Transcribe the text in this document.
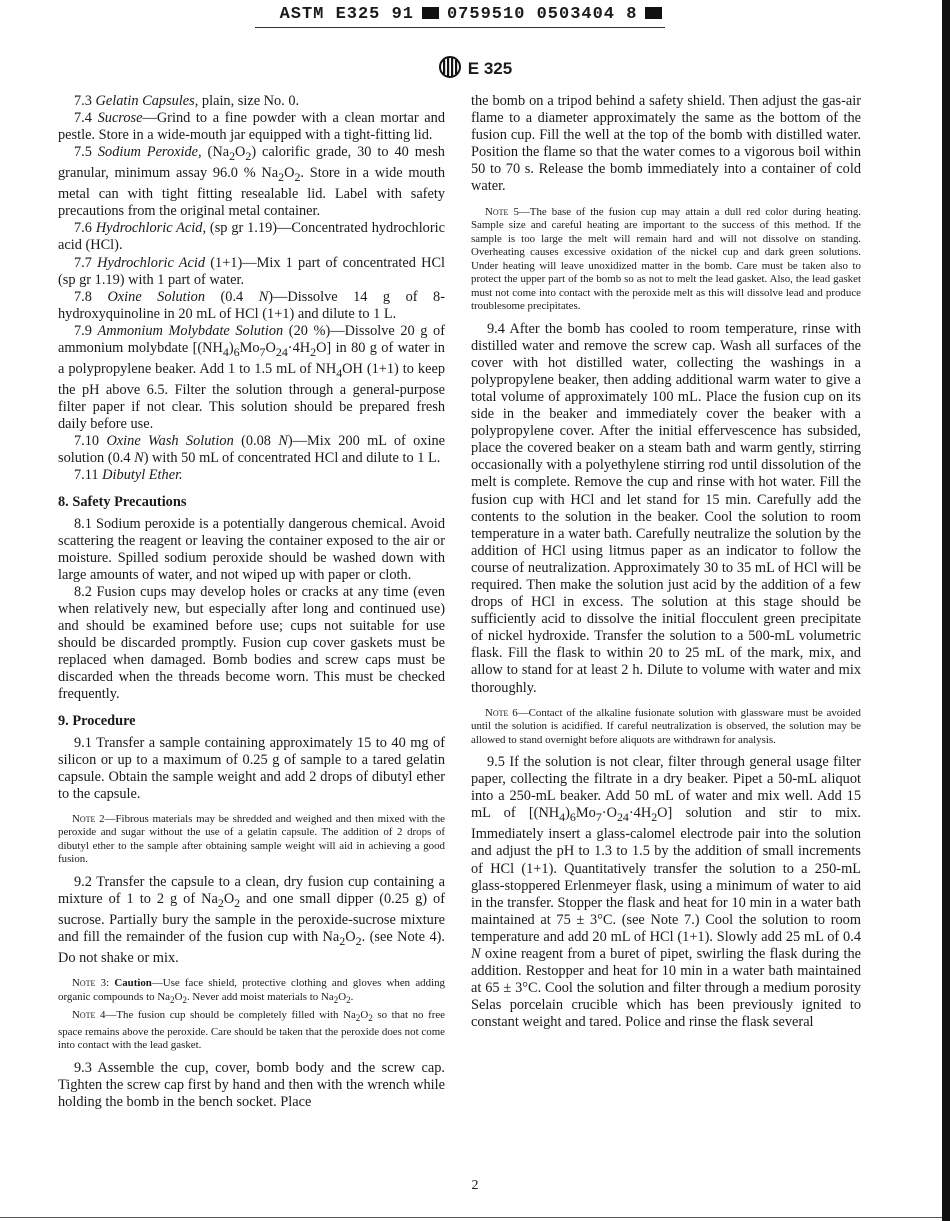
ASTM E325 91 0759510 0503404 8
E 325

7.3 Gelatin Capsules, plain, size No. 0.

7.4 Sucrose—Grind to a fine powder with a clean mortar and pestle. Store in a wide-mouth jar equipped with a tight-fitting lid.

7.5 Sodium Peroxide, $(Na_2O_2)$ calorific grade, 30 to 40 mesh granular, minimum assay 96.0 % $Na_2O_2$. Store in a wide mouth metal can with tight fitting resealable lid. Label with safety precautions from the original metal container.

7.6 Hydrochloric Acid, (sp gr 1.19)—Concentrated hydrochloric acid (HCl).

7.7 Hydrochloric Acid (1+1)—Mix 1 part of concentrated HCl (sp gr 1.19) with 1 part of water.

7.8 Oxine Solution (0.4 N)—Dissolve 14 g of 8-hydroxyquinoline in 20 mL of HCl (1+1) and dilute to 1 L.

7.9 Ammonium Molybdate Solution (20 %)—Dissolve 20 g of ammonium molybdate $[(NH_4)_6Mo_7O_{24}\cdot 4H_2O]$ in 80 g of water in a polypropylene beaker. Add 1 to 1.5 mL of $NH_4OH$ (1+1) to keep the pH above 6.5. Filter the solution through a general-purpose filter paper if not clear. This solution should be prepared fresh daily before use.

7.10 Oxine Wash Solution (0.08 N)—Mix 200 mL of oxine solution (0.4 N) with 50 mL of concentrated HCl and dilute to 1 L.

7.11 Dibutyl Ether.

8. Safety Precautions

8.1 Sodium peroxide is a potentially dangerous chemical. Avoid scattering the reagent or leaving the container exposed to the air or moisture. Spilled sodium peroxide should be washed down with large amounts of water, and not wiped up with paper or cloth.

8.2 Fusion cups may develop holes or cracks at any time (even when relatively new, but especially after long and continued use) and should be examined before use; cups not suitable for use should be discarded promptly. Fusion cup cover gaskets must be replaced when damaged. Bomb bodies and screw caps must be discarded when the threads become worn. This must be checked frequently.

9. Procedure

9.1 Transfer a sample containing approximately 15 to 40 mg of silicon or up to a maximum of 0.25 g of sample to a tared gelatin capsule. Obtain the sample weight and add 2 drops of dibutyl ether to the capsule.

Note 2—Fibrous materials may be shredded and weighed and then mixed with the peroxide and sugar without the use of a gelatin capsule. The addition of 2 drops of dibutyl ether to the sample after obtaining sample weight will aid in achieving a good fusion.

9.2 Transfer the capsule to a clean, dry fusion cup containing a mixture of 1 to 2 g of $Na_2O_2$ and one small dipper (0.25 g) of sucrose. Partially bury the sample in the peroxide-sucrose mixture and fill the remainder of the fusion cup with $Na_2O_2$. (see Note 4). Do not shake or mix.

Note 3: Caution—Use face shield, protective clothing and gloves when adding organic compounds to $Na_2O_2$. Never add moist materials to $Na_2O_2$.

Note 4—The fusion cup should be completely filled with $Na_2O_2$ so that no free space remains above the peroxide. Care should be taken that the peroxide does not come into contact with the lead gasket.

9.3 Assemble the cup, cover, bomb body and the screw cap. Tighten the screw cap first by hand and then with the wrench while holding the bomb in the bench socket. Place

the bomb on a tripod behind a safety shield. Then adjust the gas-air flame to a diameter approximately the same as the bottom of the fusion cup. Fill the well at the top of the bomb with distilled water. Position the flame so that the water comes to a vigorous boil within 50 to 70 s. Release the bomb immediately into a container of cold water.

Note 5—The base of the fusion cup may attain a dull red color during heating. Sample size and careful heating are important to the success of this method. If the sample is too large the melt will remain hard and will not dissolve on standing. Overheating causes excessive oxidation of the nickel cup and dark green solutions. Under heating will leave unoxidized matter in the bomb. Care must be taken also to protect the upper part of the bomb so as not to melt the lead gasket. Also, the lead gasket must not come into contact with the peroxide melt as this will dissolve lead and produce troublesome precipitates.

9.4 After the bomb has cooled to room temperature, rinse with distilled water and remove the screw cap. Wash all surfaces of the cover with hot distilled water, collecting the washings in a polypropylene beaker, then adding additional warm water to give a total volume of approximately 100 mL. Place the fusion cup on its side in the beaker and immediately cover the beaker with a polypropylene cover. After the initial effervescence has subsided, place the covered beaker on a steam bath and warm gently, stirring occasionally with a polyethylene stirring rod until dissolution of the melt is complete. Remove the cup and rinse with hot water. Fill the fusion cup with HCl and let stand for 15 min. Carefully add the contents to the solution in the beaker. Cool the solution to room temperature in a water bath. Carefully neutralize the solution by the addition of HCl using litmus paper as an indicator to follow the course of neutralization. Approximately 30 to 35 mL of HCl will be required. Then make the solution just acid by the addition of a few drops of HCl in excess. The solution at this stage should be sufficiently acid to dissolve the initial flocculent green precipitate of nickel hydroxide. Transfer the solution to a 500-mL volumetric flask. Fill the flask to within 20 to 25 mL of the mark, mix, and allow to stand for at least 2 h. Dilute to volume with water and mix thoroughly.

Note 6—Contact of the alkaline fusionate solution with glassware must be avoided until the solution is acidified. If careful neutralization is observed, the solution may be allowed to stand overnight before aliquots are withdrawn for analysis.

9.5 If the solution is not clear, filter through general usage filter paper, collecting the filtrate in a dry beaker. Pipet a 50-mL aliquot into a 250-mL beaker. Add 50 mL of water and mix well. Add 15 mL of $[(NH_4)_6Mo_7\cdot O_{24}\cdot 4H_2O]$ solution and stir to mix. Immediately insert a glass-calomel electrode pair into the solution and adjust the pH to 1.3 to 1.5 by the addition of small increments of HCl (1+1). Quantitatively transfer the solution to a 250-mL glass-stoppered Erlenmeyer flask, using a minimum of water to aid in the transfer. Stopper the flask and heat for 10 min in a water bath maintained at 75 ± 3°C. (see Note 7.) Cool the solution to room temperature and add 20 mL of HCl (1+1). Slowly add 25 mL of 0.4 N oxine reagent from a buret of pipet, swirling the flask during the addition. Restopper and heat for 10 min in a water bath maintained at 65 ± 3°C. Cool the solution and filter through a medium porosity Selas porcelain crucible which has been previously ignited to constant weight and tared. Police and rinse the flask several

2
